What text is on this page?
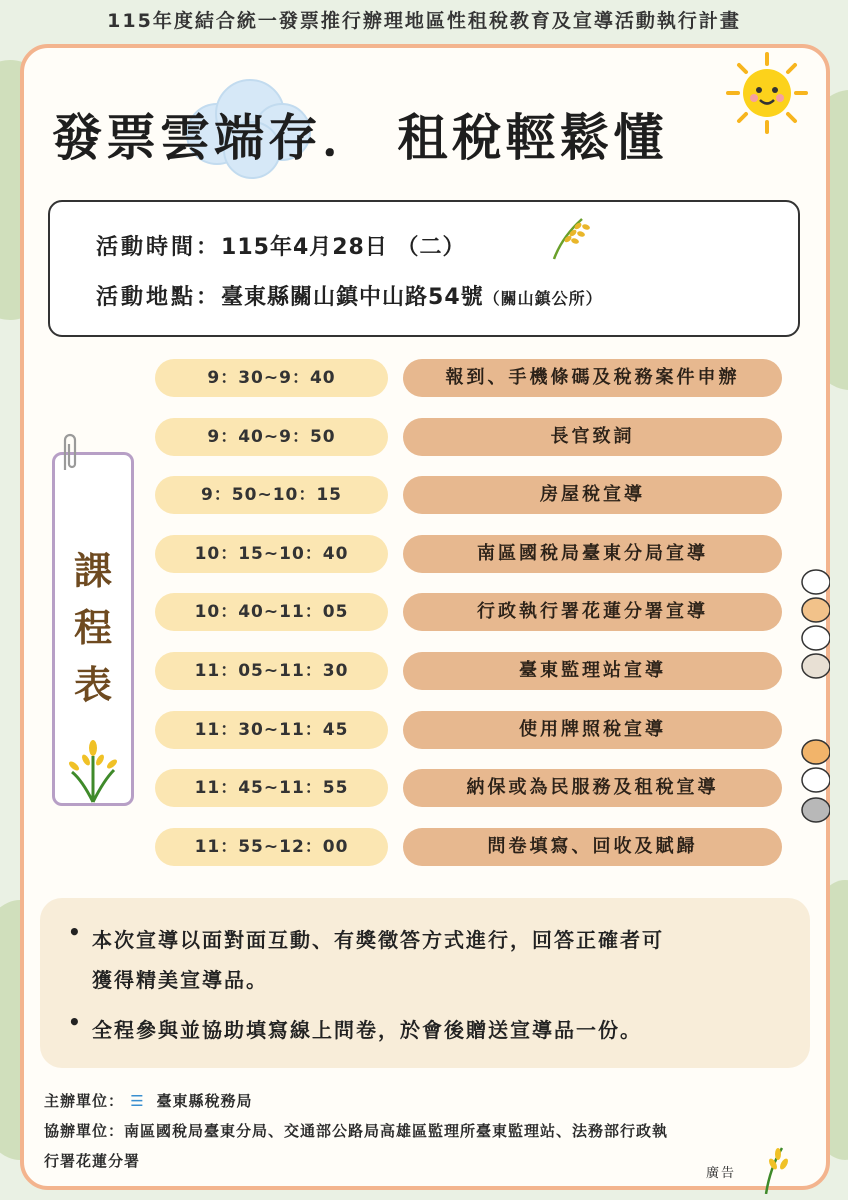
115年度結合統一發票推行辦理地區性租稅教育及宣導活動執行計畫
發票雲端存． 租稅輕鬆懂
活動時間：115年4月28日 （二）
活動地點：臺東縣關山鎮中山路54號（關山鎮公所）
課程表
9：30~9：40	報到、手機條碼及稅務案件申辦
9：40~9：50	長官致詞
9：50~10：15	房屋稅宣導
10：15~10：40	南區國稅局臺東分局宣導
10：40~11：05	行政執行署花蓮分署宣導
11：05~11：30	臺東監理站宣導
11：30~11：45	使用牌照稅宣導
11：45~11：55	納保或為民服務及租稅宣導
11：55~12：00	問卷填寫、回收及賦歸
• 本次宣導以面對面互動、有獎徵答方式進行，回答正確者可
獲得精美宣導品。
• 全程參與並協助填寫線上問卷，於會後贈送宣導品一份。
主辦單位： ☰ 臺東縣稅務局
協辦單位：南區國稅局臺東分局、交通部公路局高雄區監理所臺東監理站、法務部行政執
行署花蓮分署
廣告
